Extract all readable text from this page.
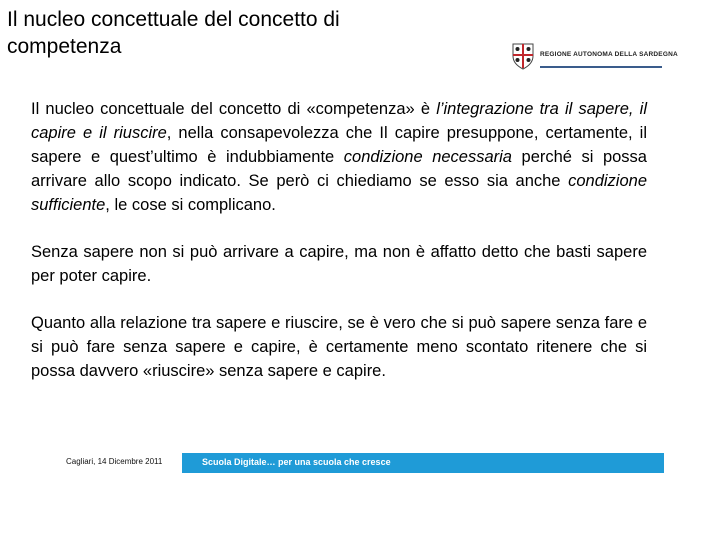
Il nucleo concettuale del concetto di
competenza	REGIONE AUTONOMA DELLA SARDEGNA

Il nucleo concettuale del concetto di «competenza» è l’integrazione tra il sapere, il capire e il riuscire, nella consapevolezza che Il capire presuppone, certamente, il sapere e quest’ultimo è indubbiamente condizione necessaria perché si possa arrivare allo scopo indicato. Se però ci chiediamo se esso sia anche condizione sufficiente, le cose si complicano.

Senza sapere non si può arrivare a capire, ma non è affatto detto che basti sapere per poter capire.

Quanto alla relazione tra sapere e riuscire, se è vero che si può sapere senza fare e si può fare senza sapere e capire, è certamente meno scontato ritenere che si possa davvero «riuscire» senza sapere e capire.

Cagliari, 14 Dicembre 2011	Scuola Digitale… per una scuola che cresce
